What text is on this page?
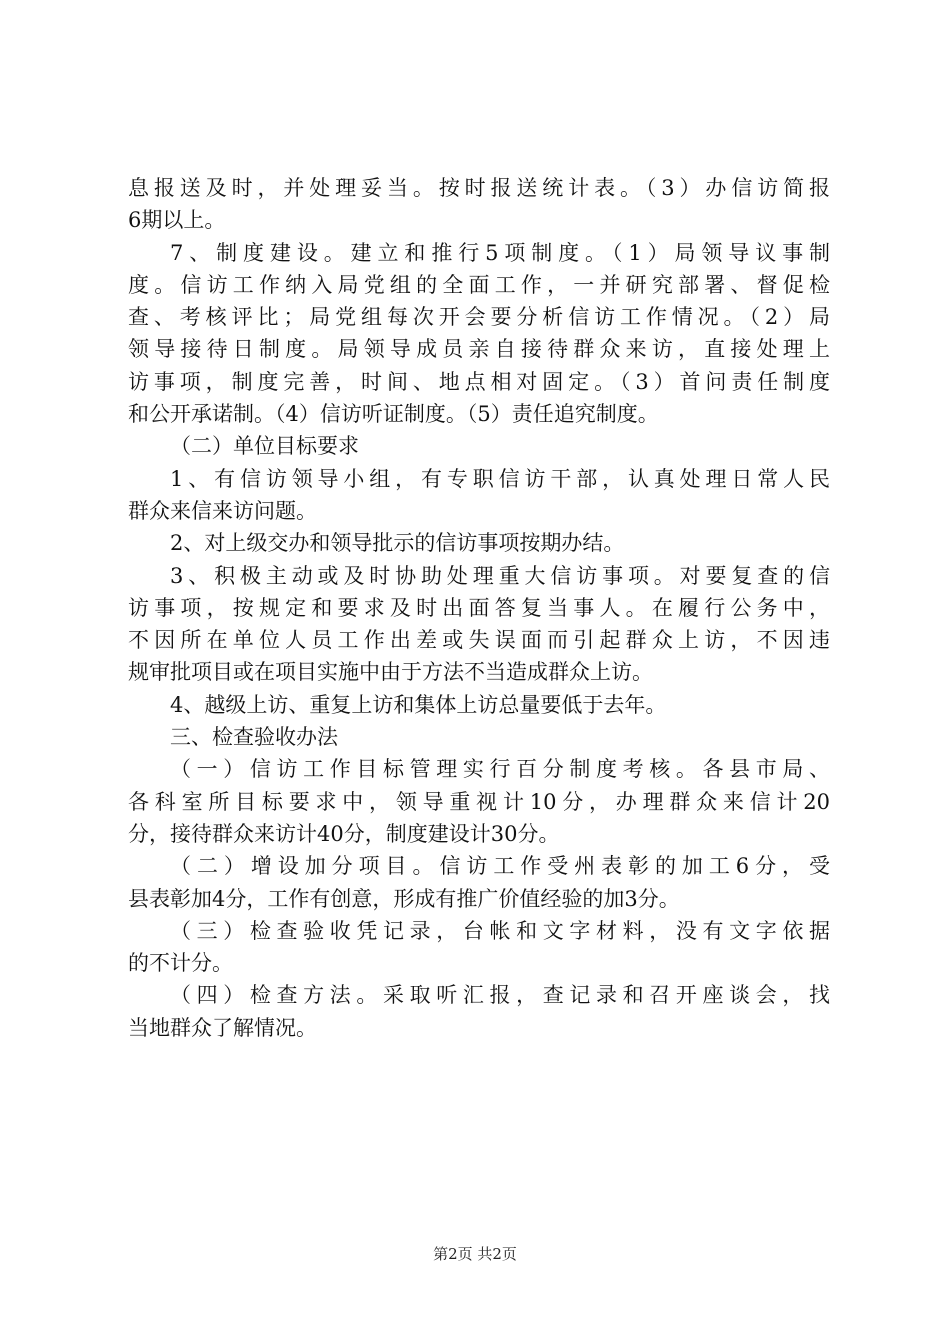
息报送及时，并处理妥当。按时报送统计表。（3）办信访简报
6期以上。
7、制度建设。建立和推行5项制度。（1）局领导议事制
度。信访工作纳入局党组的全面工作，一并研究部署、督促检
查、考核评比；局党组每次开会要分析信访工作情况。（2）局
领导接待日制度。局领导成员亲自接待群众来访，直接处理上
访事项，制度完善，时间、地点相对固定。（3）首问责任制度
和公开承诺制。（4）信访听证制度。（5）责任追究制度。
（二）单位目标要求
1、有信访领导小组，有专职信访干部，认真处理日常人民
群众来信来访问题。
2、对上级交办和领导批示的信访事项按期办结。
3、积极主动或及时协助处理重大信访事项。对要复查的信
访事项，按规定和要求及时出面答复当事人。在履行公务中，
不因所在单位人员工作出差或失误面而引起群众上访，不因违
规审批项目或在项目实施中由于方法不当造成群众上访。
4、越级上访、重复上访和集体上访总量要低于去年。
三、检查验收办法
（一）信访工作目标管理实行百分制度考核。各县市局、
各科室所目标要求中，领导重视计10分，办理群众来信计20
分，接待群众来访计40分，制度建设计30分。
（二）增设加分项目。信访工作受州表彰的加工6分，受
县表彰加4分，工作有创意，形成有推广价值经验的加3分。
（三）检查验收凭记录，台帐和文字材料，没有文字依据
的不计分。
（四）检查方法。采取听汇报，查记录和召开座谈会，找
当地群众了解情况。
第2页 共2页
